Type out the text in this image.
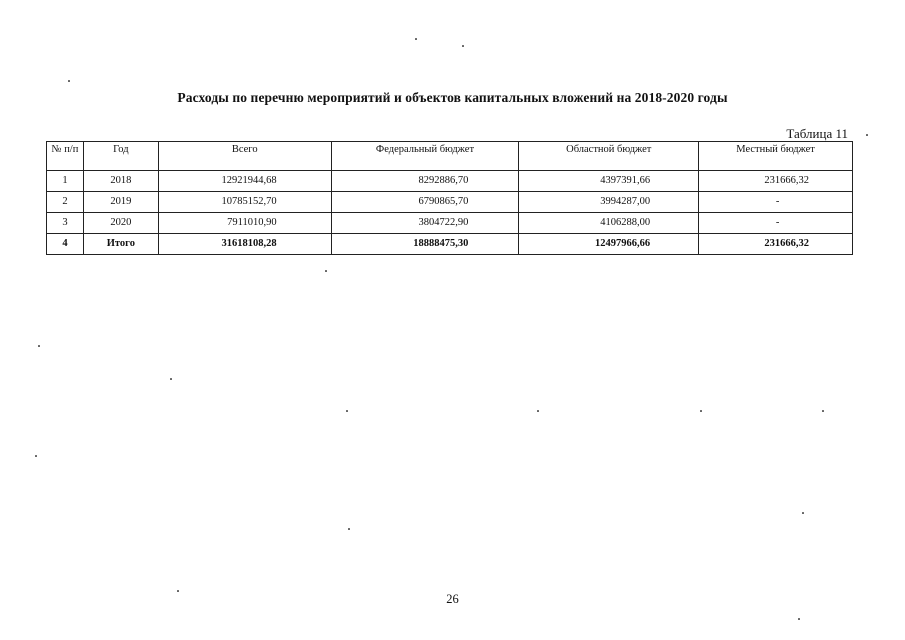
Расходы по перечню мероприятий и объектов капитальных вложений на 2018-2020 годы
Таблица 11
№ п/п	Год	Всего	Федеральный бюджет	Областной бюджет	Местный бюджет
1	2018	12921944,68	8292886,70	4397391,66	231666,32
2	2019	10785152,70	6790865,70	3994287,00	-
3	2020	7911010,90	3804722,90	4106288,00	-
4	Итого	31618108,28	18888475,30	12497966,66	231666,32
26
